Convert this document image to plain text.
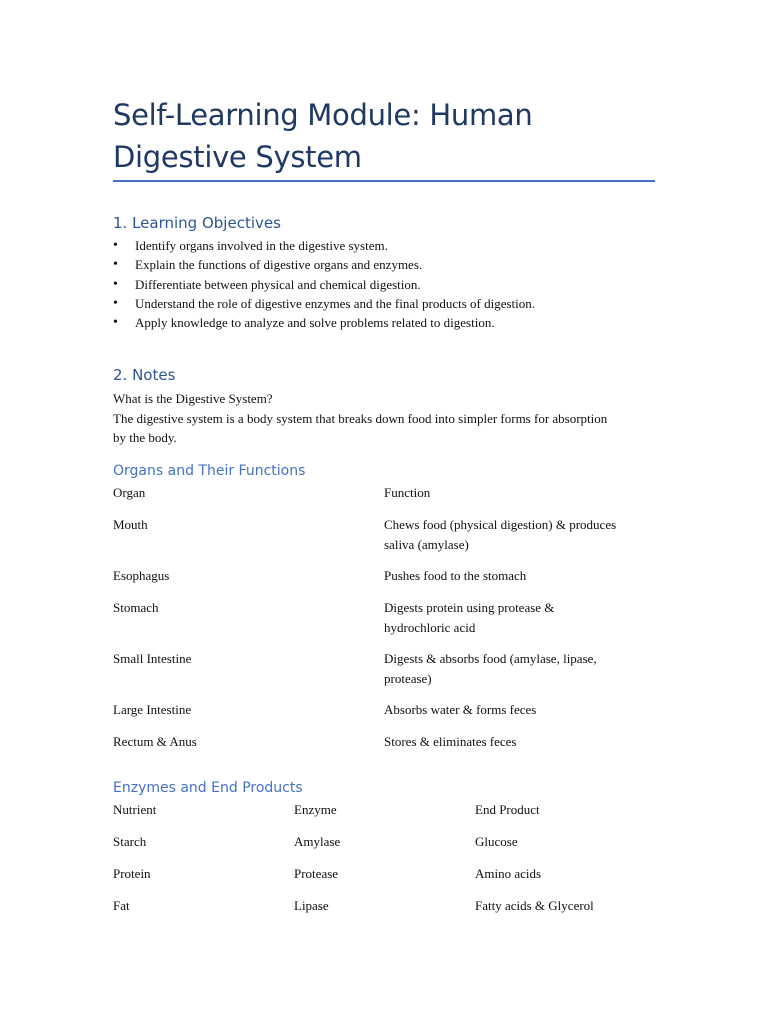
Self-Learning Module: Human Digestive System
1. Learning Objectives
• Identify organs involved in the digestive system.
• Explain the functions of digestive organs and enzymes.
• Differentiate between physical and chemical digestion.
• Understand the role of digestive enzymes and the final products of digestion.
• Apply knowledge to analyze and solve problems related to digestion.
2. Notes
What is the Digestive System?
The digestive system is a body system that breaks down food into simpler forms for absorption by the body.
Organs and Their Functions
Organ	Function
Mouth	Chews food (physical digestion) & produces saliva (amylase)
Esophagus	Pushes food to the stomach
Stomach	Digests protein using protease & hydrochloric acid
Small Intestine	Digests & absorbs food (amylase, lipase, protease)
Large Intestine	Absorbs water & forms feces
Rectum & Anus	Stores & eliminates feces
Enzymes and End Products
Nutrient	Enzyme	End Product
Starch	Amylase	Glucose
Protein	Protease	Amino acids
Fat	Lipase	Fatty acids & Glycerol
